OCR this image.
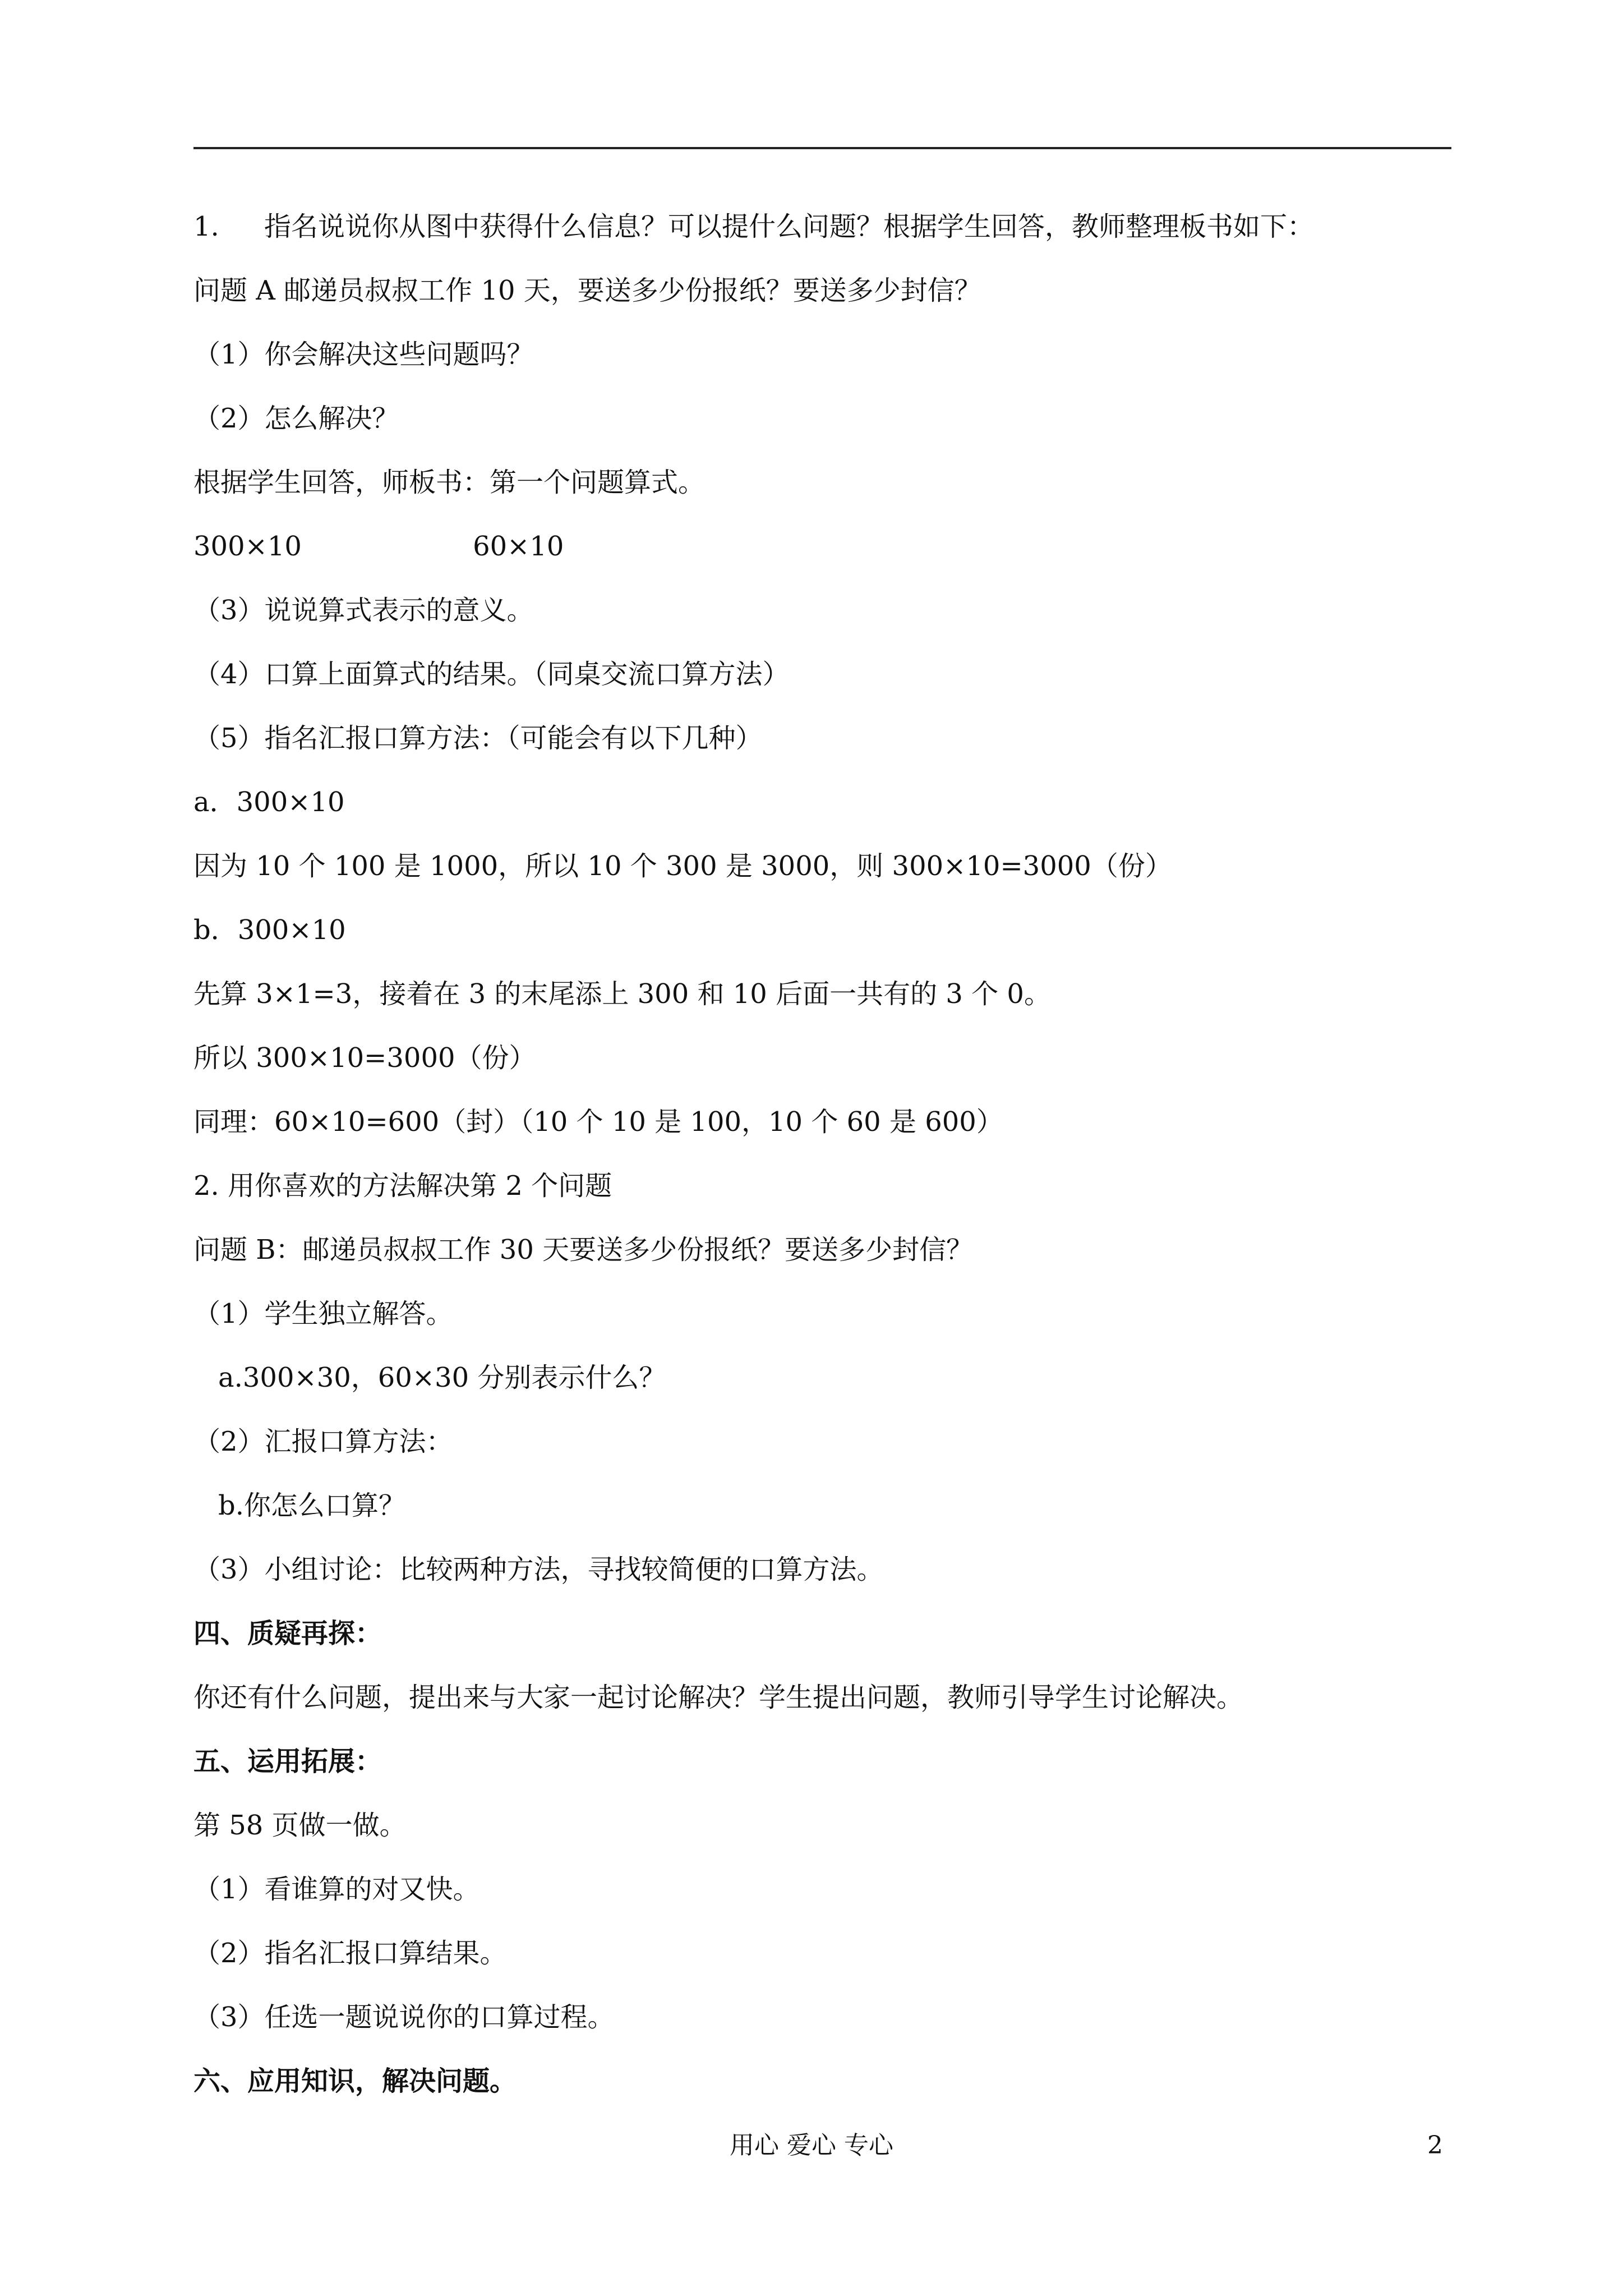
1. 指名说说你从图中获得什么信息？可以提什么问题？根据学生回答，教师整理板书如下：
问题 A 邮递员叔叔工作 10 天，要送多少份报纸？要送多少封信？
（1）你会解决这些问题吗？
（2）怎么解决？
根据学生回答，师板书：第一个问题算式。
300×10                    60×10
（3）说说算式表示的意义。
（4）口算上面算式的结果。（同桌交流口算方法）
（5）指名汇报口算方法：（可能会有以下几种）
a．300×10
因为 10 个 100 是 1000，所以 10 个 300 是 3000，则 300×10=3000（份）
b．300×10
先算 3×1=3，接着在 3 的末尾添上 300 和 10 后面一共有的 3 个 0。
所以 300×10=3000（份）
同理：60×10=600（封）（10 个 10 是 100，10 个 60 是 600）
2. 用你喜欢的方法解决第 2 个问题
问题 B：邮递员叔叔工作 30 天要送多少份报纸？要送多少封信？
（1）学生独立解答。
a.300×30，60×30 分别表示什么？
（2）汇报口算方法：
b.你怎么口算？
（3）小组讨论：比较两种方法，寻找较简便的口算方法。
四、质疑再探：
你还有什么问题，提出来与大家一起讨论解决？学生提出问题，教师引导学生讨论解决。
五、运用拓展：
第 58 页做一做。
（1）看谁算的对又快。
（2）指名汇报口算结果。
（3）任选一题说说你的口算过程。
六、应用知识，解决问题。
用心 爱心 专心	2
